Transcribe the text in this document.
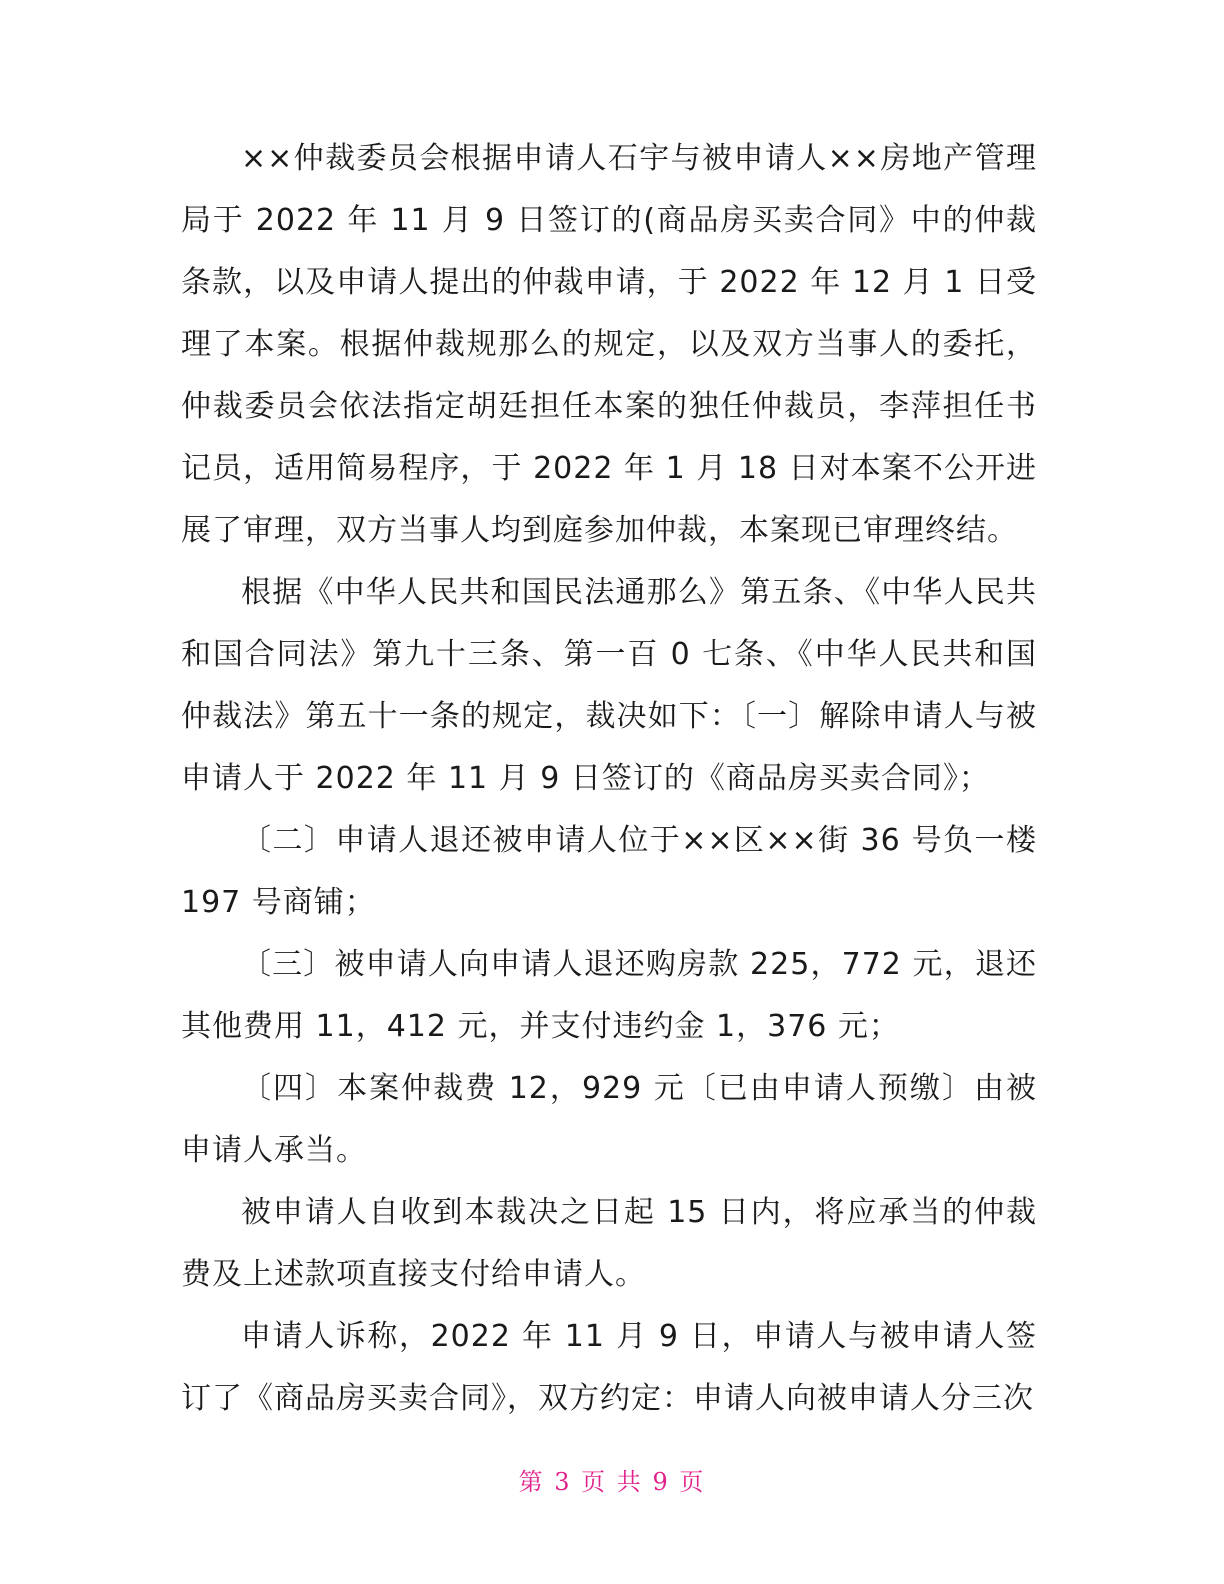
××仲裁委员会根据申请人石宇与被申请人××房地产管理局于 2022 年 11 月 9 日签订的(商品房买卖合同》中的仲裁条款，以及申请人提出的仲裁申请，于 2022 年 12 月 1 日受理了本案。根据仲裁规那么的规定，以及双方当事人的委托，仲裁委员会依法指定胡廷担任本案的独任仲裁员，李萍担任书记员，适用简易程序，于 2022 年 1 月 18 日对本案不公开进展了审理，双方当事人均到庭参加仲裁，本案现已审理终结。

根据《中华人民共和国民法通那么》第五条、《中华人民共和国合同法》第九十三条、第一百 0 七条、《中华人民共和国仲裁法》第五十一条的规定，裁决如下：〔一〕解除申请人与被申请人于 2022 年 11 月 9 日签订的《商品房买卖合同》；

〔二〕申请人退还被申请人位于××区××街 36 号负一楼 197 号商铺；

〔三〕被申请人向申请人退还购房款 225，772 元，退还其他费用 11，412 元，并支付违约金 1，376 元；

〔四〕本案仲裁费 12，929 元〔已由申请人预缴〕由被申请人承当。

被申请人自收到本裁决之日起 15 日内，将应承当的仲裁费及上述款项直接支付给申请人。

申请人诉称，2022 年 11 月 9 日，申请人与被申请人签订了《商品房买卖合同》，双方约定：申请人向被申请人分三次

第 3 页 共 9 页
